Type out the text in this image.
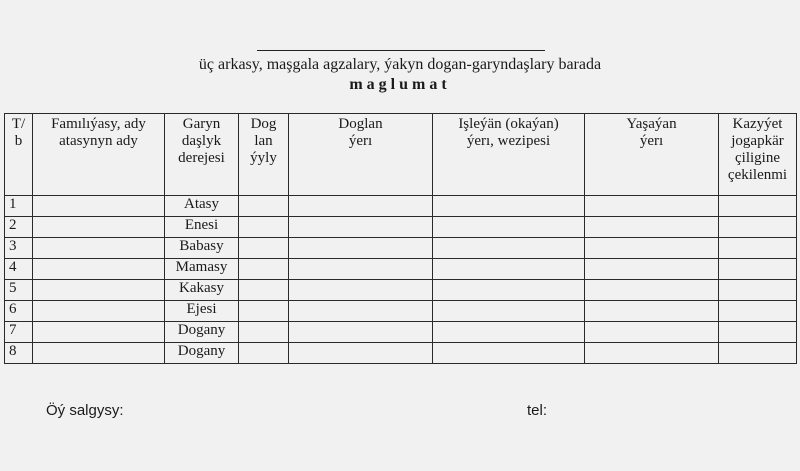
üç arkasy, maşgala agzalary, ýakyn dogan-garyndaşlary barada
maglumat
T/
b	Famılıýasy, ady
atasynyn ady	Garyn
daşlyk
derejesi	Dog
lan
ýyly	Doglan
ýerı	Işleýän (okaýan)
ýerı, wezipesi	Yaşaýan
ýerı	Kazyýet
jogapkär
çiligine
çekilenmi
1		Atasy					
2		Enesi					
3		Babasy					
4		Mamasy					
5		Kakasy					
6		Ejesi					
7		Dogany					
8		Dogany					
Öý salgysy:	tel:
